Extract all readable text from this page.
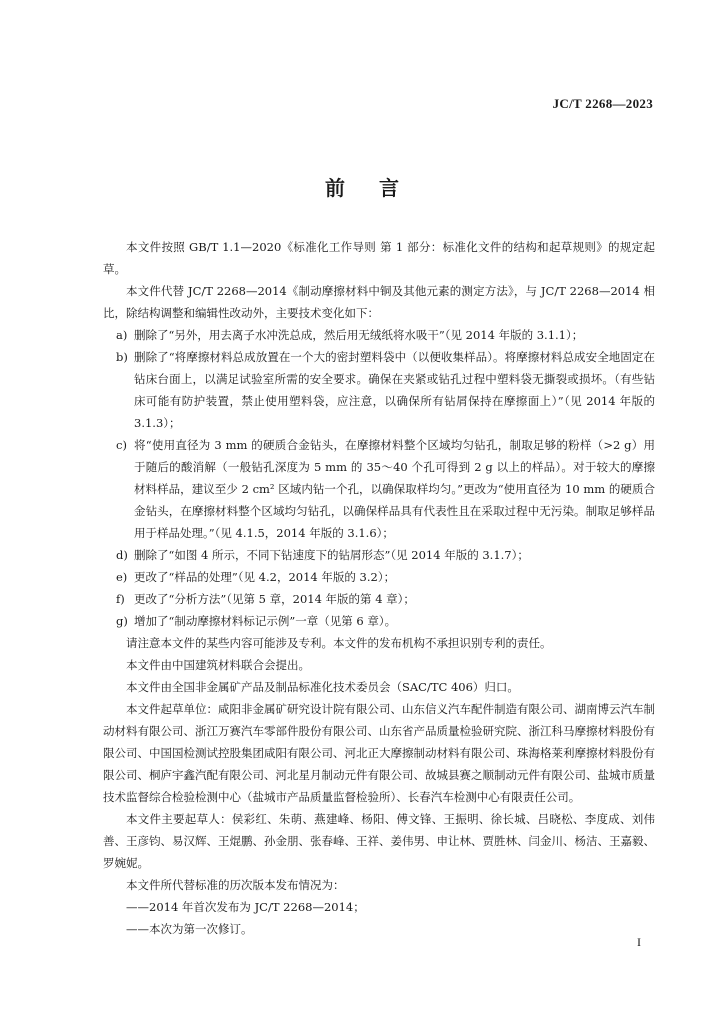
JC/T 2268—2023
前言

本文件按照 GB/T 1.1—2020《标准化工作导则 第 1 部分：标准化文件的结构和起草规则》的规定起草。

本文件代替 JC/T 2268—2014《制动摩擦材料中铜及其他元素的测定方法》，与 JC/T 2268—2014 相比，除结构调整和编辑性改动外，主要技术变化如下：

a) 删除了“另外，用去离子水冲洗总成，然后用无绒纸将水吸干”（见 2014 年版的 3.1.1）；

b) 删除了“将摩擦材料总成放置在一个大的密封塑料袋中（以便收集样品）。将摩擦材料总成安全地固定在钻床台面上，以满足试验室所需的安全要求。确保在夹紧或钻孔过程中塑料袋无撕裂或损坏。（有些钻床可能有防护装置，禁止使用塑料袋，应注意，以确保所有钻屑保持在摩擦面上）”（见 2014 年版的 3.1.3）；

c) 将“使用直径为 3 mm 的硬质合金钻头，在摩擦材料整个区域均匀钻孔，制取足够的粉样（>2 g）用于随后的酸消解（一般钻孔深度为 5 mm 的 35～40 个孔可得到 2 g 以上的样品）。对于较大的摩擦材料样品，建议至少 2 cm² 区域内钻一个孔，以确保取样均匀。”更改为“使用直径为 10 mm 的硬质合金钻头，在摩擦材料整个区域均匀钻孔，以确保样品具有代表性且在采取过程中无污染。制取足够样品用于样品处理。”（见 4.1.5，2014 年版的 3.1.6）；

d) 删除了“如图 4 所示，不同下钻速度下的钻屑形态”（见 2014 年版的 3.1.7）；

e) 更改了“样品的处理”（见 4.2，2014 年版的 3.2）；

f) 更改了“分析方法”（见第 5 章，2014 年版的第 4 章）；

g) 增加了“制动摩擦材料标记示例”一章（见第 6 章）。

请注意本文件的某些内容可能涉及专利。本文件的发布机构不承担识别专利的责任。

本文件由中国建筑材料联合会提出。

本文件由全国非金属矿产品及制品标准化技术委员会（SAC/TC 406）归口。

本文件起草单位：咸阳非金属矿研究设计院有限公司、山东信义汽车配件制造有限公司、湖南博云汽车制动材料有限公司、浙江万赛汽车零部件股份有限公司、山东省产品质量检验研究院、浙江科马摩擦材料股份有限公司、中国国检测试控股集团咸阳有限公司、河北正大摩擦制动材料有限公司、珠海格莱利摩擦材料股份有限公司、桐庐宇鑫汽配有限公司、河北星月制动元件有限公司、故城县赛之顺制动元件有限公司、盐城市质量技术监督综合检验检测中心（盐城市产品质量监督检验所）、长春汽车检测中心有限责任公司。

本文件主要起草人：侯彩红、朱萌、燕建峰、杨阳、傅文锋、王振明、徐长城、吕晓松、李度成、刘伟善、王彦钧、易汉辉、王焜鹏、孙金朋、张春峰、王祥、姜伟男、申让林、贾胜林、闫金川、杨洁、王嘉毅、罗婉妮。

本文件所代替标准的历次版本发布情况为：

——2014 年首次发布为 JC/T 2268—2014；

——本次为第一次修订。

I
